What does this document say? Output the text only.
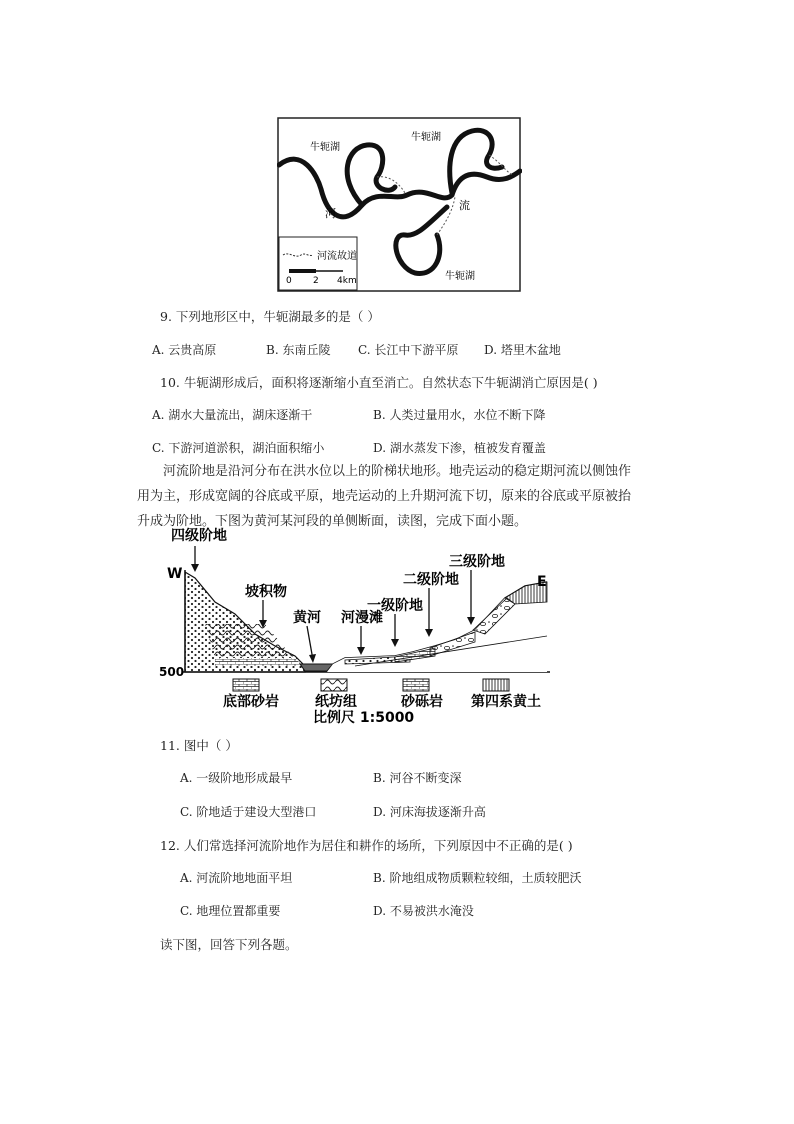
牛轭湖
牛轭湖
牛轭湖
河
流
河流故道
0 2 4km
9. 下列地形区中，牛轭湖最多的是（ ）
A. 云贵高原	B. 东南丘陵 C. 长江中下游平原 D. 塔里木盆地
10. 牛轭湖形成后，面积将逐渐缩小直至消亡。自然状态下牛轭湖消亡原因是( )
A. 湖水大量流出，湖床逐渐干	B. 人类过量用水，水位不断下降
C. 下游河道淤积，湖泊面积缩小	D. 湖水蒸发下渗，植被发育覆盖
河流阶地是沿河分布在洪水位以上的阶梯状地形。地壳运动的稳定期河流以侧蚀作用为主，形成宽阔的谷底或平原，地壳运动的上升期河流下切，原来的谷底或平原被抬升成为阶地。下图为黄河某河段的单侧断面，读图，完成下面小题。
四级阶地
W	E
坡积物
黄河 河漫滩
一级阶地
二级阶地
三级阶地
500
底部砂岩	纸坊组	砂砾岩 第四系黄土
比例尺 1:5000
11. 图中（ ）
A. 一级阶地形成最早	B. 河谷不断变深
C. 阶地适于建设大型港口	D. 河床海拔逐渐升高
12. 人们常选择河流阶地作为居住和耕作的场所，下列原因中不正确的是( )
A. 河流阶地地面平坦	B. 阶地组成物质颗粒较细，土质较肥沃
C. 地理位置都重要	D. 不易被洪水淹没
读下图，回答下列各题。
